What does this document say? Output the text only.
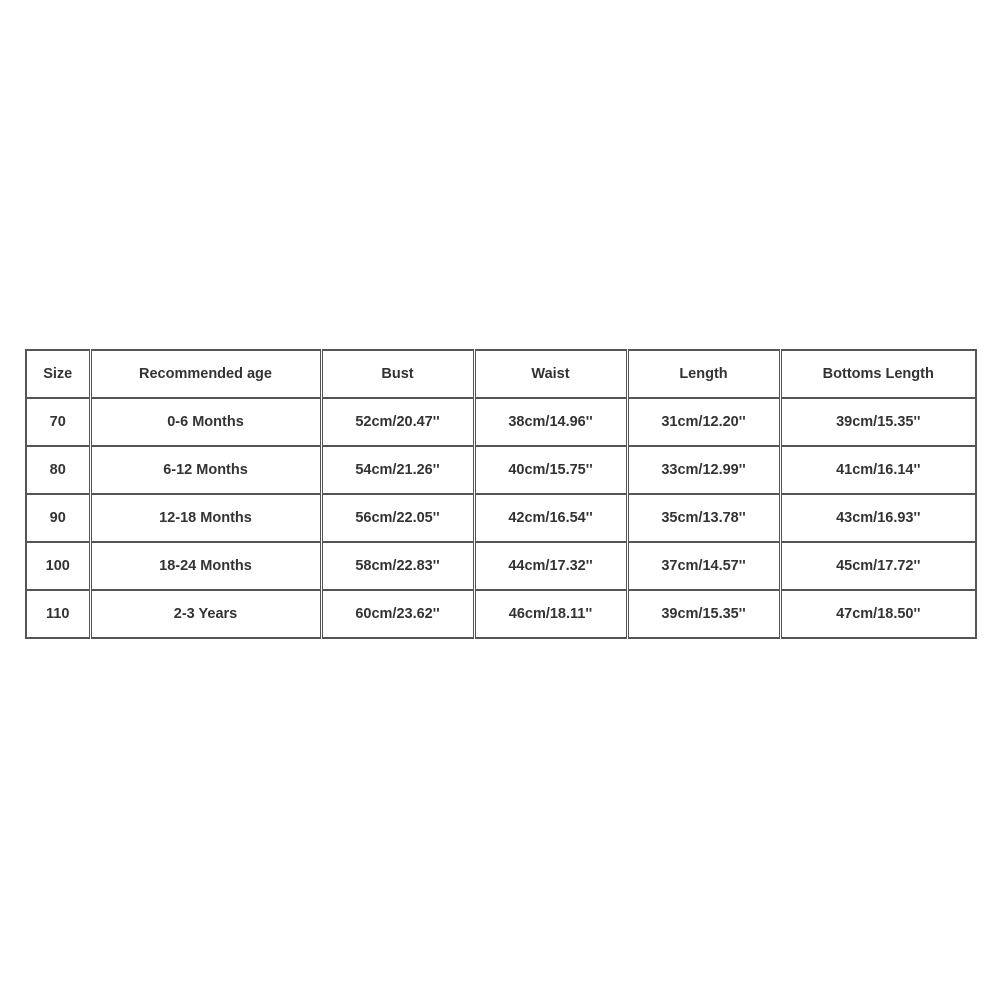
Size	Recommended age	Bust	Waist	Length	Bottoms Length
70	0-6 Months	52cm/20.47''	38cm/14.96''	31cm/12.20''	39cm/15.35''
80	6-12 Months	54cm/21.26''	40cm/15.75''	33cm/12.99''	41cm/16.14''
90	12-18 Months	56cm/22.05''	42cm/16.54''	35cm/13.78''	43cm/16.93''
100	18-24 Months	58cm/22.83''	44cm/17.32''	37cm/14.57''	45cm/17.72''
110	2-3 Years	60cm/23.62''	46cm/18.11''	39cm/15.35''	47cm/18.50''
